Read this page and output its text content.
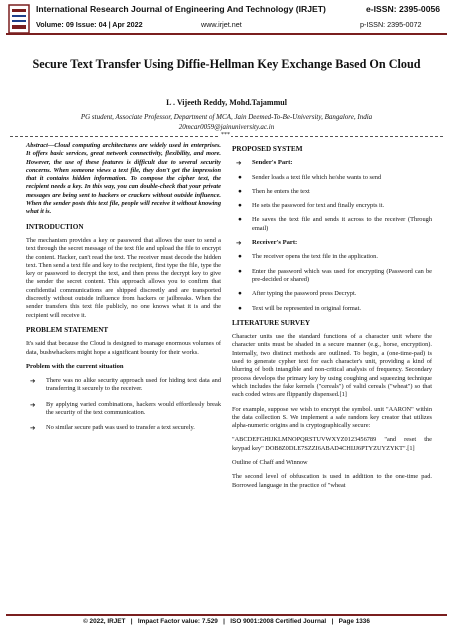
International Research Journal of Engineering And Technology (IRJET)	e-ISSN: 2395-0056
Volume: 09 Issue: 04 | Apr 2022	www.irjet.net	p-ISSN: 2395-0072
Secure Text Transfer Using Diffie-Hellman Key Exchange Based On Cloud
L . Vijeeth Reddy, Mohd.Tajammul
PG student, Associate Professor, Department of MCA, Jain Deemed-To-Be-University, Bangalore, India
20mcar0059@jainuniversity.ac.in
***

Abstract—Cloud computing architectures are widely used in enterprises. It offers basic services, great network connectivity, flexibility, and more. However, the use of these features is difficult due to several security concerns. When someone views a text file, they don't get the impression that it contains hidden information. To compose the cipher text, the recipient needs a key. In this way, you can double-check that your private messages are being sent to hackers or crackers without outside influence. When the sender posts this text file, people will receive it without knowing what it is.

INTRODUCTION

The mechanism provides a key or password that allows the user to send a text through the secret message of the text file and upload the file to encrypt the content. Hacker, can't read the text. The receiver must decode the hidden text. Then send a text file and key to the recipient, first type the file, type the key or password to decrypt the text, and then press the decrypt key to give the sender the secret content. This approach allows you to confirm that confidential communications are shipped discreetly and are transported discreetly without outside influence from hackers or jailbreaks. When the sender transfers this text file publicly, no one knows what it is and the recipient will receive it.

PROBLEM STATEMENT

It's said that because the Cloud is designed to manage enormous volumes of data, bushwhackers might hope a significant bounty for their works.

Problem with the current situation
➔ There was no alike security approach used for hiding text data and transferring it securely to the receiver.
➔ By applying varied combinations, hackers would effortlessly break the security of the text communication.
➔ No similar secure path was used to transfer a text securely.
PROPOSED SYSTEM
➔ Sender's Part:
● Sender loads a text file which he/she wants to send
● Then he enters the text
● He sets the password for text and finally encrypts it.
● He saves the text file and sends it across to the receiver (Through email)
➔ Receiver's Part:
● The receiver opens the text file in the application.
● Enter the password which was used for encrypting (Password can be pre-decided or shared)
● After typing the password press Decrypt.
● Text will be represented in original format.
LITERATURE SURVEY

Character units use the standard functions of a character unit where the character units must be shaded in a secure manner (e.g., horse, encryption). Internally, two distinct methods are outlined. To begin, a (one-time-pad) is used to generate cypher text for each character's unit, providing a kind of blurring of both intangible and non-critical analysis of frequency. Secondary process develops the primary key by using coughing and squeezing technique which includes the fake kernels ("cereals") of valid cereals ("wheat") so that each coded wires are flippantly dispensed.[1]

For example, suppose we wish to encrypt the symbol. unit "AARON" within the data collection S. We implement a safe random key creator that utilizes alpha-numeric origins and is cryptographically secure:

"ABCDEFGHIJKLMNOPQRSTUVWXYZ0123456789 "and reset the keypad key" DOB8Z0DLE7SZZI6ABAD4CHIJJ6PTYZUYZYKT".[1]

Outline of Chaff and Winnow

The second level of obfuscation is used in addition to the one-time pad. Borrowed language in the practice of "wheat

© 2022, IRJET | Impact Factor value: 7.529 | ISO 9001:2008 Certified Journal | Page 1336
